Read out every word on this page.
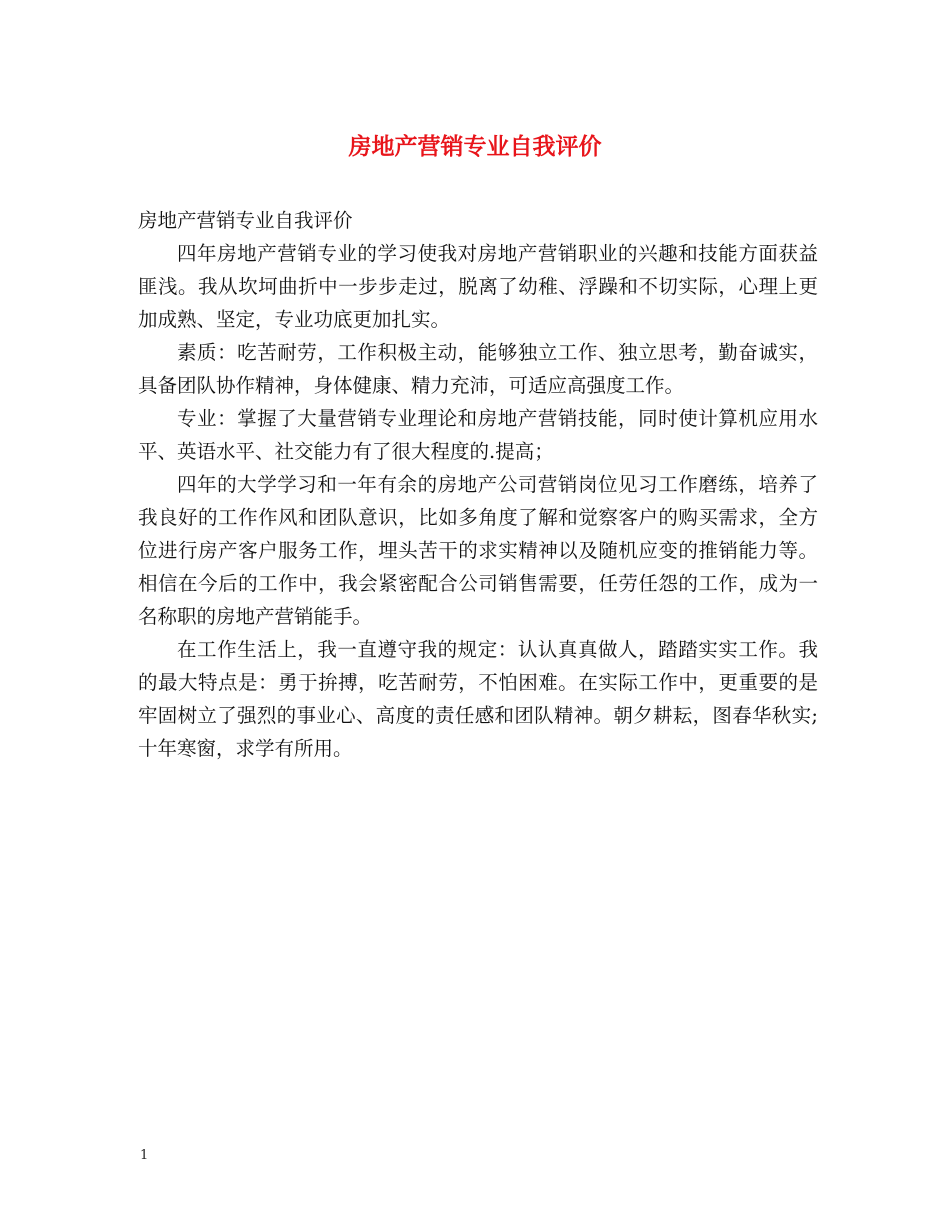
房地产营销专业自我评价

房地产营销专业自我评价

四年房地产营销专业的学习使我对房地产营销职业的兴趣和技能方面获益匪浅。我从坎坷曲折中一步步走过，脱离了幼稚、浮躁和不切实际，心理上更加成熟、坚定，专业功底更加扎实。

素质：吃苦耐劳，工作积极主动，能够独立工作、独立思考，勤奋诚实，具备团队协作精神，身体健康、精力充沛，可适应高强度工作。

专业：掌握了大量营销专业理论和房地产营销技能，同时使计算机应用水平、英语水平、社交能力有了很大程度的.提高；

四年的大学学习和一年有余的房地产公司营销岗位见习工作磨练，培养了我良好的工作作风和团队意识，比如多角度了解和觉察客户的购买需求，全方位进行房产客户服务工作，埋头苦干的求实精神以及随机应变的推销能力等。相信在今后的工作中，我会紧密配合公司销售需要，任劳任怨的工作，成为一名称职的房地产营销能手。

在工作生活上，我一直遵守我的规定：认认真真做人，踏踏实实工作。我的最大特点是：勇于拚搏，吃苦耐劳，不怕困难。在实际工作中，更重要的是牢固树立了强烈的事业心、高度的责任感和团队精神。朝夕耕耘，图春华秋实;十年寒窗，求学有所用。

1
